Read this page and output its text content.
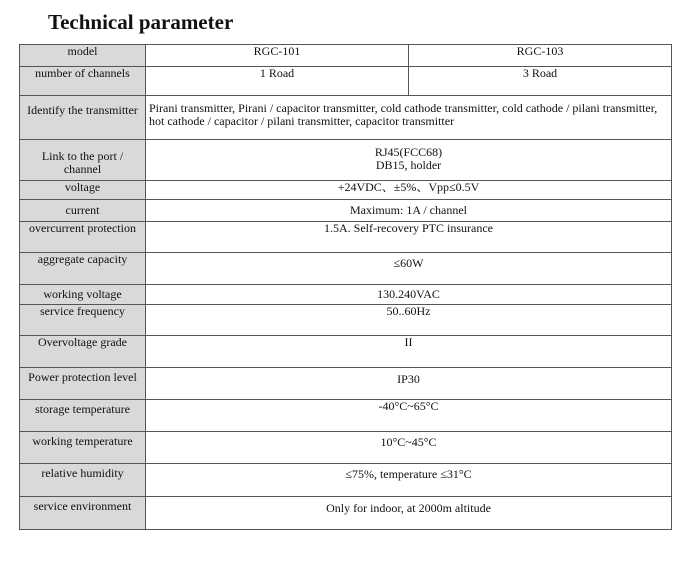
Technical parameter
model	RGC-101	RGC-103
number of channels	1 Road	3 Road
Identify the transmitter	Pirani transmitter, Pirani / capacitor transmitter, cold cathode transmitter, cold cathode / pilani transmitter, hot cathode / capacitor / pilani transmitter, capacitor transmitter	
Link to the port / channel	RJ45(FCC68)
DB15, holder	

voltage	+24VDC、±5%、Vpp≤0.5V	
current	Maximum: 1A / channel	
overcurrent protection	1.5A. Self-recovery PTC insurance	
aggregate capacity	≤60W	
working voltage	130.240VAC	
service frequency	50..60Hz	
Overvoltage grade	II	
Power protection level	IP30	
storage temperature	-40°C~65°C	
working temperature	10°C~45°C	
relative humidity	≤75%, temperature ≤31°C	
service environment	Only for indoor, at 2000m altitude	
